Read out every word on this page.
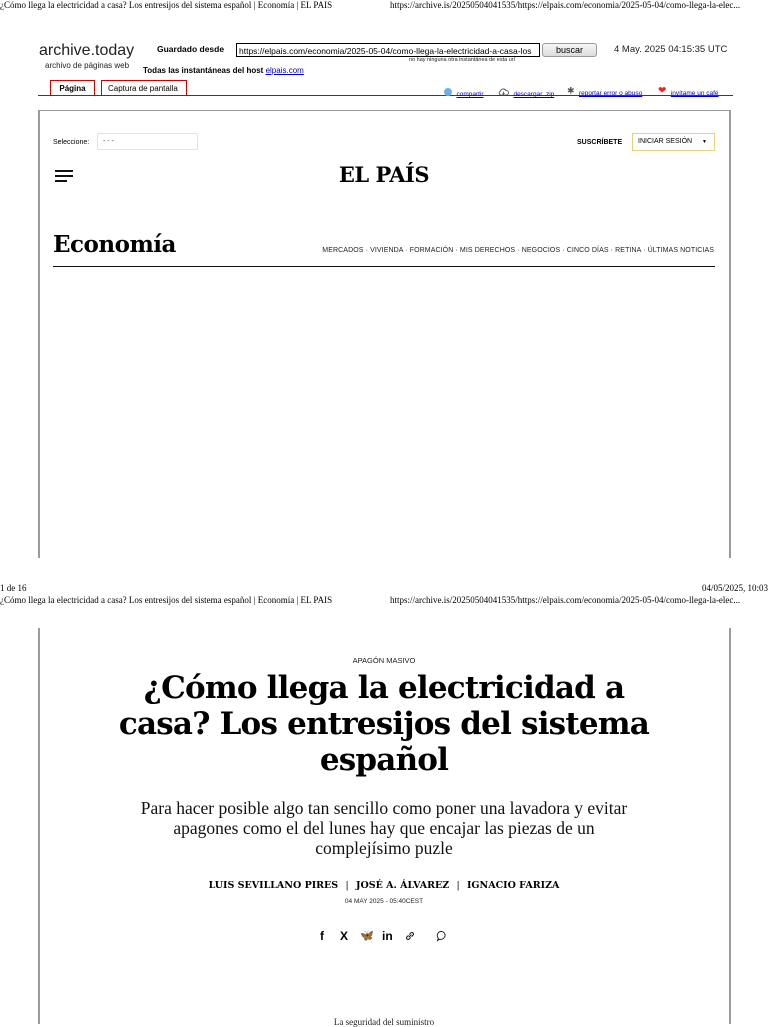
¿Cómo llega la electricidad a casa? Los entresijos del sistema español | Economía | EL PAIS	https://archive.is/20250504041535/https://elpais.com/economia/2025-05-04/como-llega-la-elec...
archive.today
archivo de páginas web
Guardado desde	https://elpais.com/economia/2025-05-04/como-llega-la-electricidad-a-casa-los	buscar	4 May. 2025 04:15:35 UTC
no hay ninguna otra instantánea de esta url
Todas las instantáneas del host elpais.com
Página	Captura de pantalla
compartir	descargar .zip ✱ reportar error o abuso ❤ invítame un café
Seleccione:	- - -	SUSCRÍBETE	INICIAR SESIÓN ▼
EL PAÍS
Economía	MERCADOS · VIVIENDA · FORMACIÓN · MIS DERECHOS · NEGOCIOS · CINCO DÍAS · RETINA · ÚLTIMAS NOTICIAS
1 de 16	04/05/2025, 10:03
¿Cómo llega la electricidad a casa? Los entresijos del sistema español | Economía | EL PAIS	https://archive.is/20250504041535/https://elpais.com/economia/2025-05-04/como-llega-la-elec...
APAGÓN MASIVO
¿Cómo llega la electricidad a
casa? Los entresijos del sistema
español
Para hacer posible algo tan sencillo como poner una lavadora y evitar
apagones como el del lunes hay que encajar las piezas de un
complejísimo puzle
LUIS SEVILLANO PIRES | JOSÉ A. ÁLVAREZ | IGNACIO FARIZA
04 MAY 2025 - 05:40CEST
f X 🦋 in
La seguridad del suministro
